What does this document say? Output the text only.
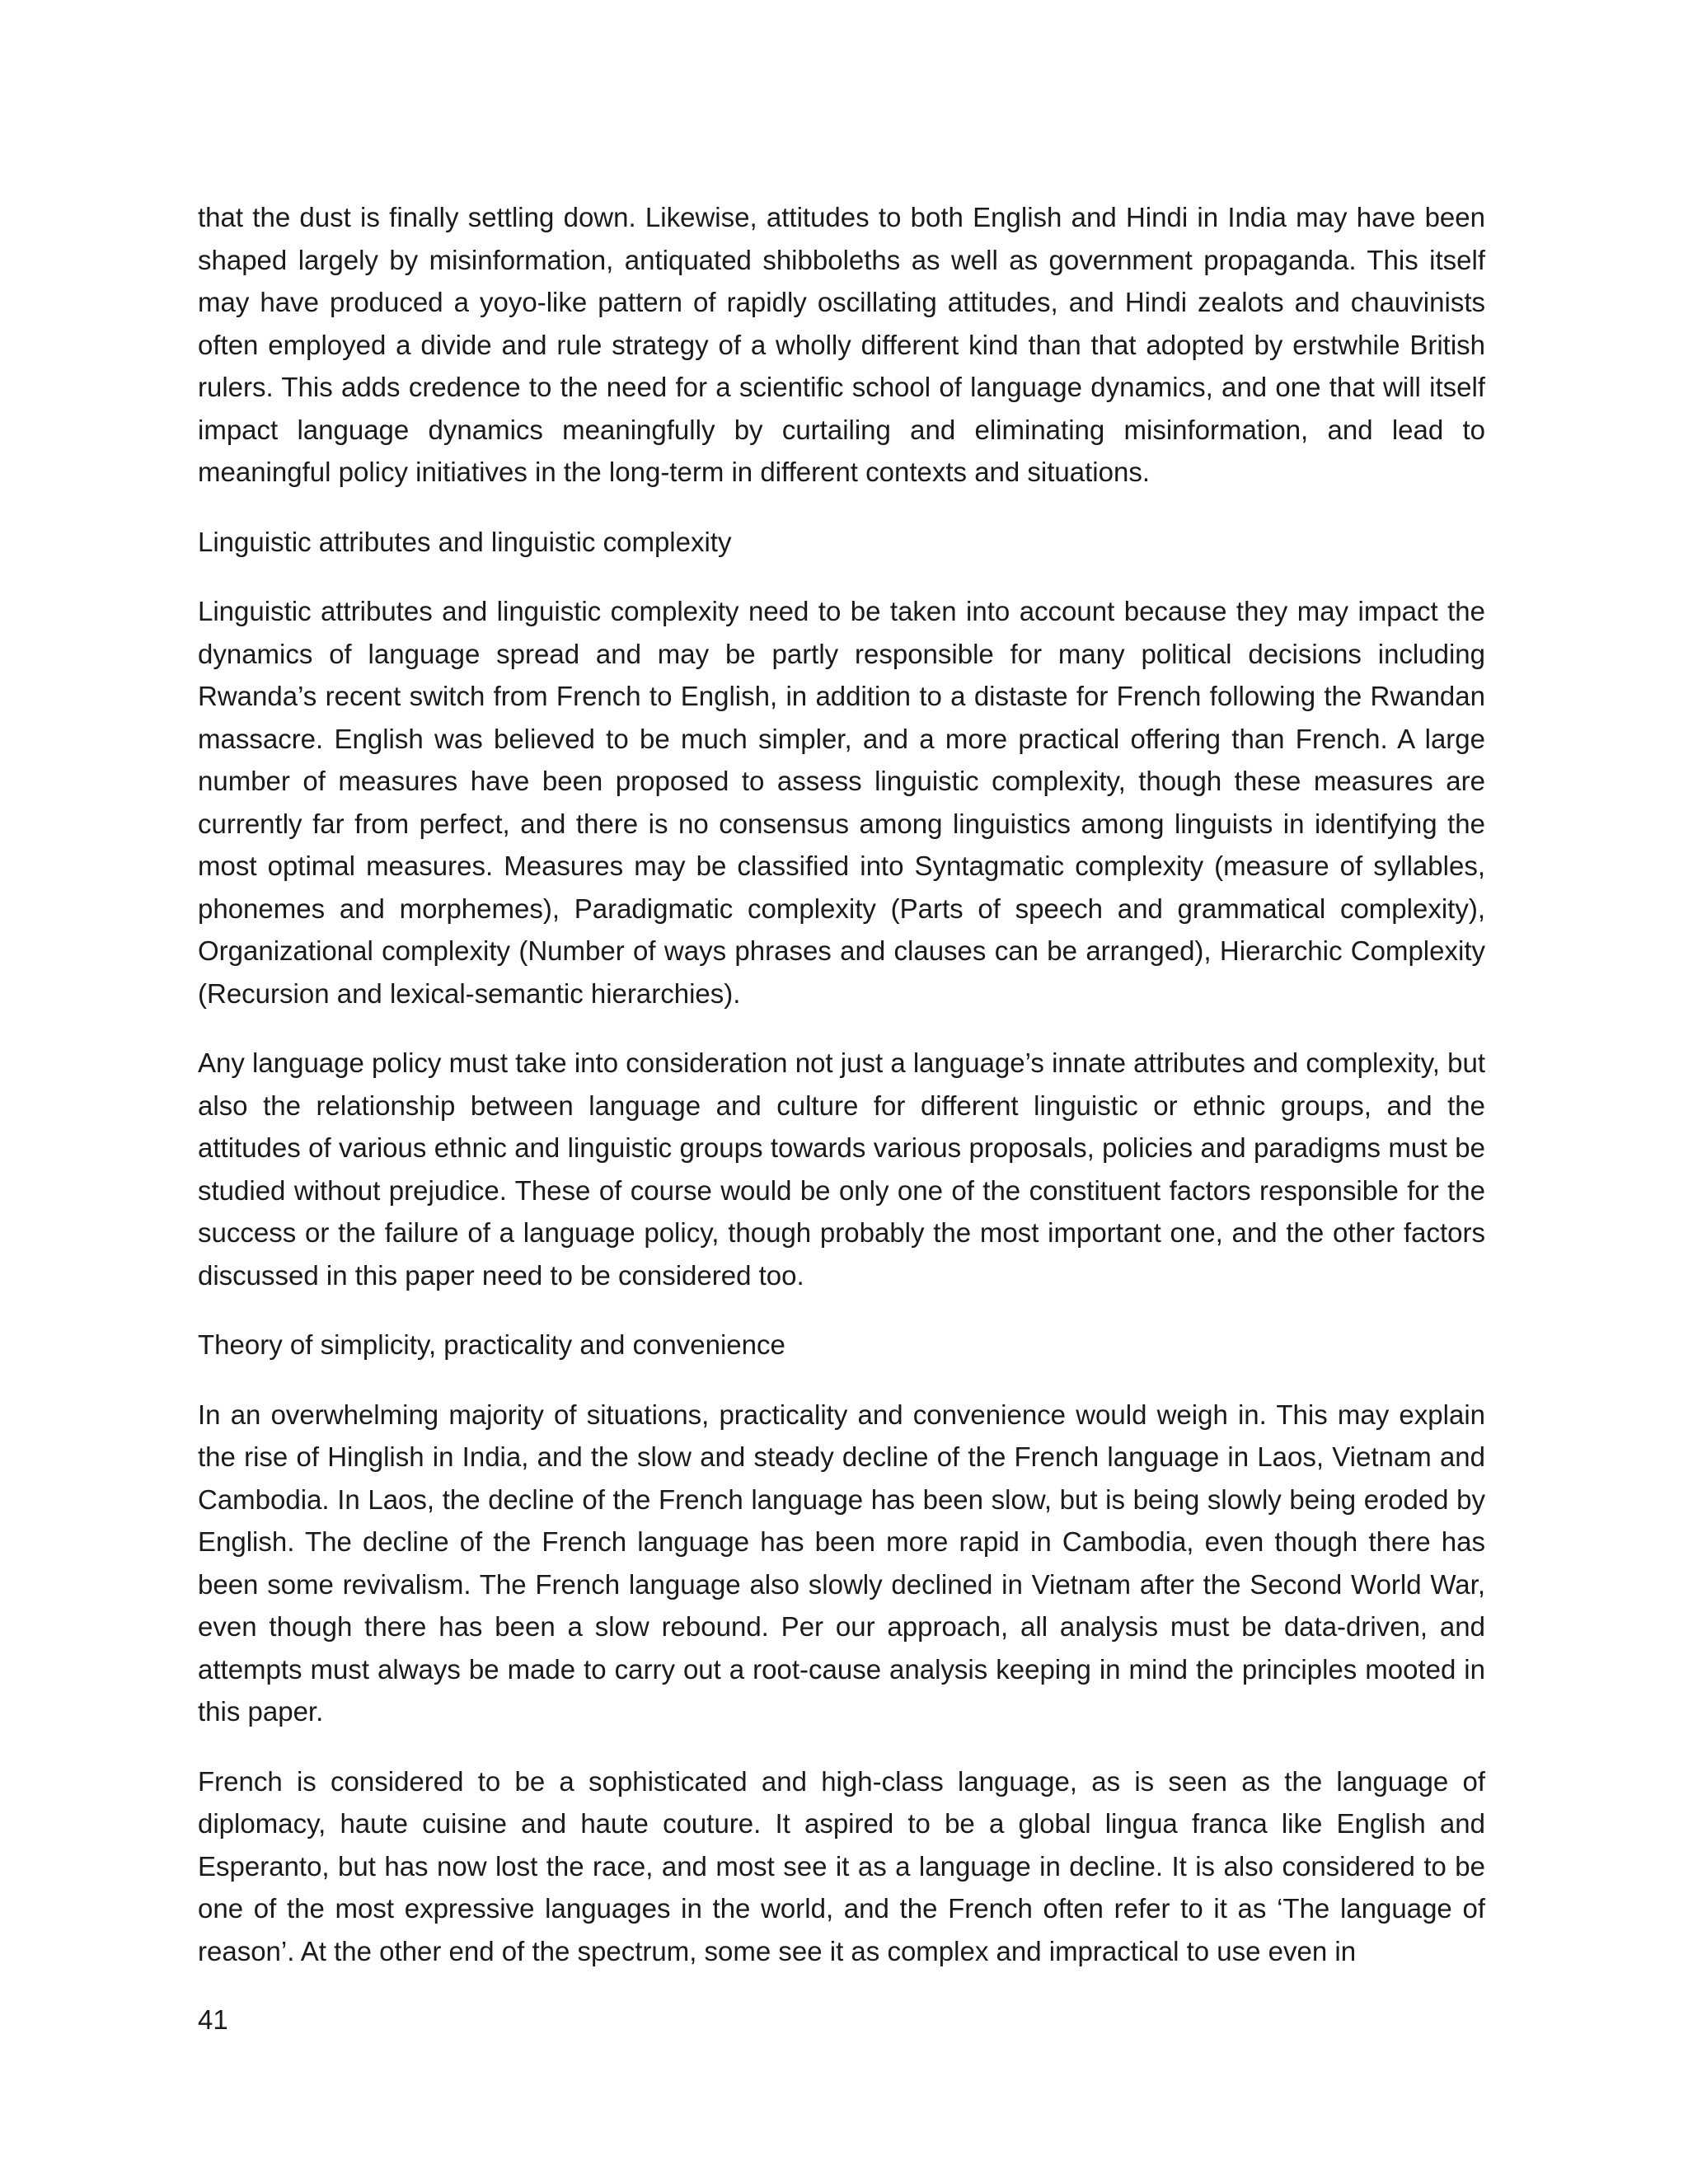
that the dust is finally settling down. Likewise, attitudes to both English and Hindi in India may have been shaped largely by misinformation, antiquated shibboleths as well as government propaganda. This itself may have produced a yoyo-like pattern of rapidly oscillating attitudes, and Hindi zealots and chauvinists often employed a divide and rule strategy of a wholly different kind than that adopted by erstwhile British rulers. This adds credence to the need for a scientific school of language dynamics, and one that will itself impact language dynamics meaningfully by curtailing and eliminating misinformation, and lead to meaningful policy initiatives in the long-term in different contexts and situations.

Linguistic attributes and linguistic complexity

Linguistic attributes and linguistic complexity need to be taken into account because they may impact the dynamics of language spread and may be partly responsible for many political decisions including Rwanda’s recent switch from French to English, in addition to a distaste for French following the Rwandan massacre. English was believed to be much simpler, and a more practical offering than French. A large number of measures have been proposed to assess linguistic complexity, though these measures are currently far from perfect, and there is no consensus among linguistics among linguists in identifying the most optimal measures. Measures may be classified into Syntagmatic complexity (measure of syllables, phonemes and morphemes), Paradigmatic complexity (Parts of speech and grammatical complexity), Organizational complexity (Number of ways phrases and clauses can be arranged), Hierarchic Complexity (Recursion and lexical-semantic hierarchies).

Any language policy must take into consideration not just a language’s innate attributes and complexity, but also the relationship between language and culture for different linguistic or ethnic groups, and the attitudes of various ethnic and linguistic groups towards various proposals, policies and paradigms must be studied without prejudice. These of course would be only one of the constituent factors responsible for the success or the failure of a language policy, though probably the most important one, and the other factors discussed in this paper need to be considered too.

Theory of simplicity, practicality and convenience

In an overwhelming majority of situations, practicality and convenience would weigh in. This may explain the rise of Hinglish in India, and the slow and steady decline of the French language in Laos, Vietnam and Cambodia. In Laos, the decline of the French language has been slow, but is being slowly being eroded by English. The decline of the French language has been more rapid in Cambodia, even though there has been some revivalism. The French language also slowly declined in Vietnam after the Second World War, even though there has been a slow rebound. Per our approach, all analysis must be data-driven, and attempts must always be made to carry out a root-cause analysis keeping in mind the principles mooted in this paper.

French is considered to be a sophisticated and high-class language, as is seen as the language of diplomacy, haute cuisine and haute couture. It aspired to be a global lingua franca like English and Esperanto, but has now lost the race, and most see it as a language in decline. It is also considered to be one of the most expressive languages in the world, and the French often refer to it as ‘The language of reason’. At the other end of the spectrum, some see it as complex and impractical to use even in

41
